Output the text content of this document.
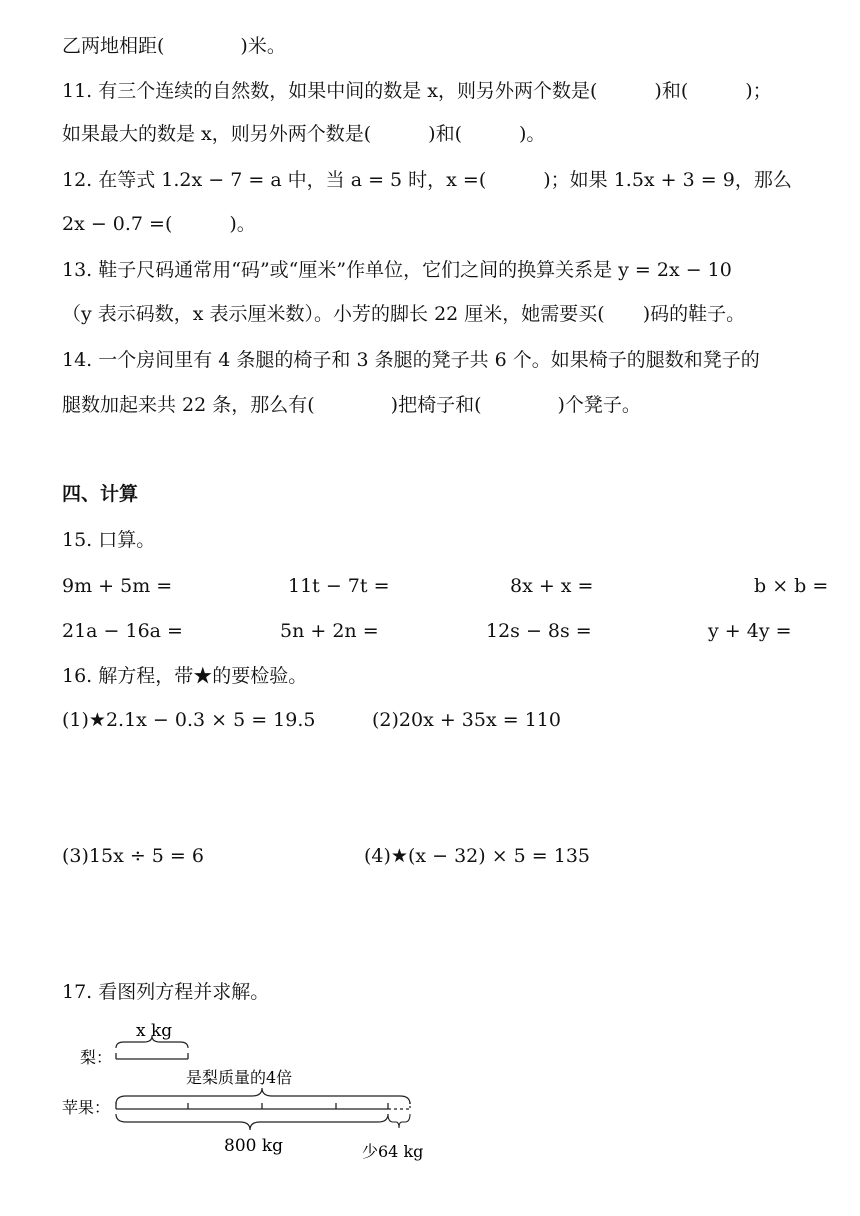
乙两地相距(　　　　)米。
11. 有三个连续的自然数，如果中间的数是 x，则另外两个数是(　　　)和(　　　)；
如果最大的数是 x，则另外两个数是(　　　)和(　　　)。
12. 在等式 1.2x − 7 = a 中，当 a = 5 时，x =(　　　)；如果 1.5x + 3 = 9，那么
2x − 0.7 =(　　　)。
13. 鞋子尺码通常用“码”或“厘米”作单位，它们之间的换算关系是 y = 2x − 10
（y 表示码数，x 表示厘米数）。小芳的脚长 22 厘米，她需要买(　　)码的鞋子。
14. 一个房间里有 4 条腿的椅子和 3 条腿的凳子共 6 个。如果椅子的腿数和凳子的
腿数加起来共 22 条，那么有(　　　　)把椅子和(　　　　)个凳子。
四、计算
15. 口算。
9m + 5m =	11t − 7t =	8x + x =	b × b =
21a − 16a =	5n + 2n =	12s − 8s =	y + 4y =
16. 解方程，带★的要检验。
(1)★2.1x − 0.3 × 5 = 19.5	(2)20x + 35x = 110
(3)15x ÷ 5 = 6	(4)★(x − 32) × 5 = 135
17. 看图列方程并求解。
梨：
x kg
是梨质量的4倍
苹果：
800 kg	少64 kg
